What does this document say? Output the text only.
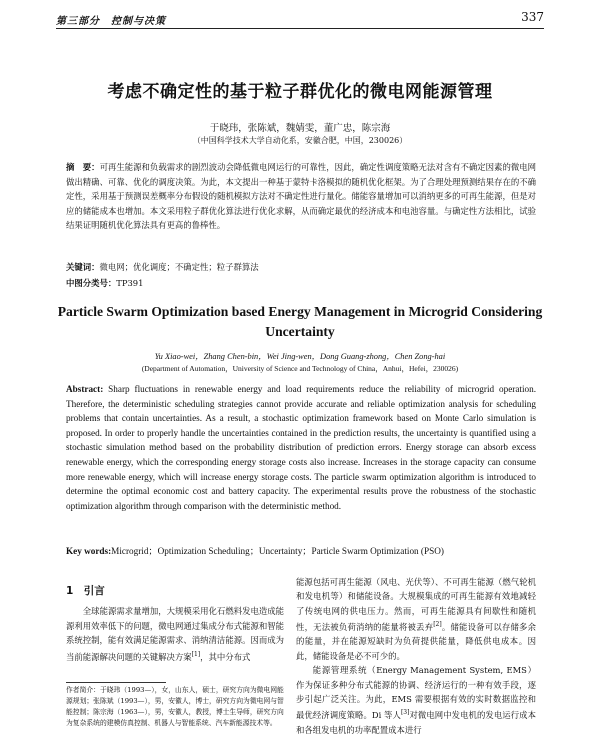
第三部分　控制与决策	337
考虑不确定性的基于粒子群优化的微电网能源管理
于晓玮，张陈斌，魏婧雯，董广忠，陈宗海
（中国科学技术大学自动化系，安徽合肥，中国，230026）
摘　要：可再生能源和负载需求的剧烈波动会降低微电网运行的可靠性，因此，确定性调度策略无法对含有不确定因素的微电网做出精确、可靠、优化的调度决策。为此，本文提出一种基于蒙特卡洛模拟的随机优化框架。为了合理处理预测结果存在的不确定性，采用基于预测误差概率分布假设的随机模拟方法对不确定性进行量化。储能容量增加可以消纳更多的可再生能源，但是对应的储能成本也增加。本文采用粒子群优化算法进行优化求解，从而确定最优的经济成本和电池容量。与确定性方法相比，试验结果证明随机优化算法具有更高的鲁棒性。
关键词：微电网；优化调度；不确定性；粒子群算法
中图分类号：TP391
Particle Swarm Optimization based Energy Management in Microgrid Considering Uncertainty
Yu Xiao-wei，Zhang Chen-bin，Wei Jing-wen，Dong Guang-zhong，Chen Zong-hai
(Department of Automation，University of Science and Technology of China，Anhui，Hefei，230026)
Abstract: Sharp fluctuations in renewable energy and load requirements reduce the reliability of microgrid operation. Therefore, the deterministic scheduling strategies cannot provide accurate and reliable optimization analysis for scheduling problems that contain uncertainties. As a result, a stochastic optimization framework based on Monte Carlo simulation is proposed. In order to properly handle the uncertainties contained in the prediction results, the uncertainty is quantified using a stochastic simulation method based on the probability distribution of prediction errors. Energy storage can absorb excess renewable energy, which the corresponding energy storage costs also increase. Increases in the storage capacity can consume more renewable energy, which will increase energy storage costs. The particle swarm optimization algorithm is introduced to determine the optimal economic cost and battery capacity. The experimental results prove the robustness of the stochastic optimization algorithm through comparison with the deterministic method.
Key words:Microgrid；Optimization Scheduling；Uncertainty；Particle Swarm Optimization (PSO)
1　引言

全球能源需求量增加，大规模采用化石燃料发电造成能源利用效率低下的问题，微电网通过集成分布式能源和智能系统控制，能有效满足能源需求、消纳清洁能源。因而成为当前能源解决问题的关键解决方案[1]，其中分布式

能源包括可再生能源（风电、光伏等）、不可再生能源（燃气轮机和发电机等）和储能设备。大规模集成的可再生能源有效地减轻了传统电网的供电压力。然而，可再生能源具有间歇性和随机性，无法被负荷消纳的能量将被丢弃[2]。储能设备可以存储多余的能量，并在能源短缺时为负荷提供能量，降低供电成本。因此，储能设备是必不可少的。

能源管理系统（Energy Management System, EMS）作为保证多种分布式能源的协调、经济运行的一种有效手段，逐步引起广泛关注。为此，EMS 需要根据有效的实时数据监控和最优经济调度策略。Di 等人[3]对微电网中发电机的发电运行成本和各组发电机的功率配置成本进行

作者简介：于晓玮（1993—），女，山东人，硕士，研究方向为微电网能源规划；张陈斌（1993—），男，安徽人，博士，研究方向为微电网与智能控制；陈宗海（1963—），男，安徽人，教授，博士生导师，研究方向为复杂系统的建模仿真控制、机器人与智能系统、汽车新能源技术等。
